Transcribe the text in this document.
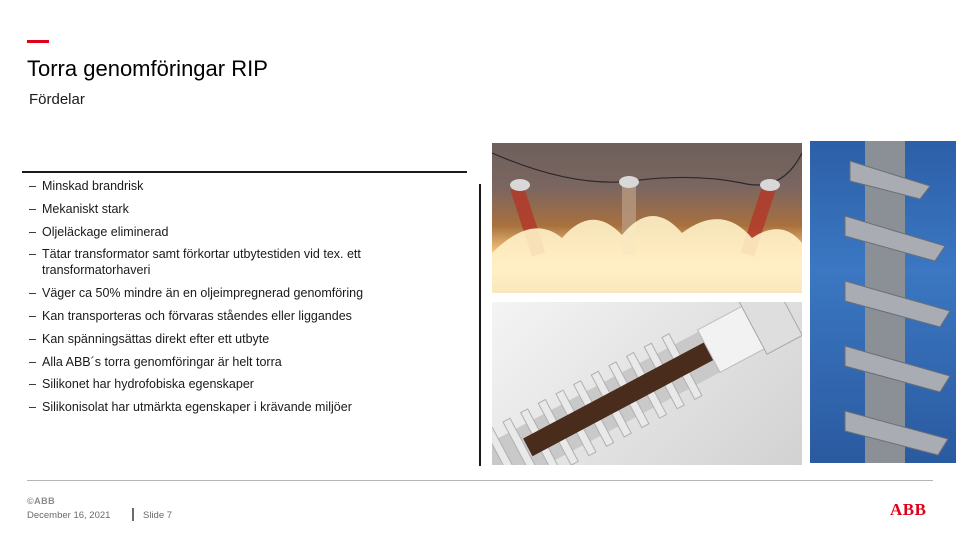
Torra genomföringar RIP
Fördelar
– Minskad brandrisk
– Mekaniskt stark
– Oljeläckage eliminerad
– Tätar transformator samt förkortar utbytestiden vid tex. ett transformatorhaveri
– Väger ca 50% mindre än en oljeimpregnerad genomföring
– Kan transporteras och förvaras ståendes eller liggandes
– Kan spänningsättas direkt efter ett utbyte
– Alla ABB´s torra genomföringar är helt torra
– Silikonet har hydrofobiska egenskaper
– Silikonisolat har utmärkta egenskaper i krävande miljöer
©ABB
December 16, 2021	Slide 7	ABB
